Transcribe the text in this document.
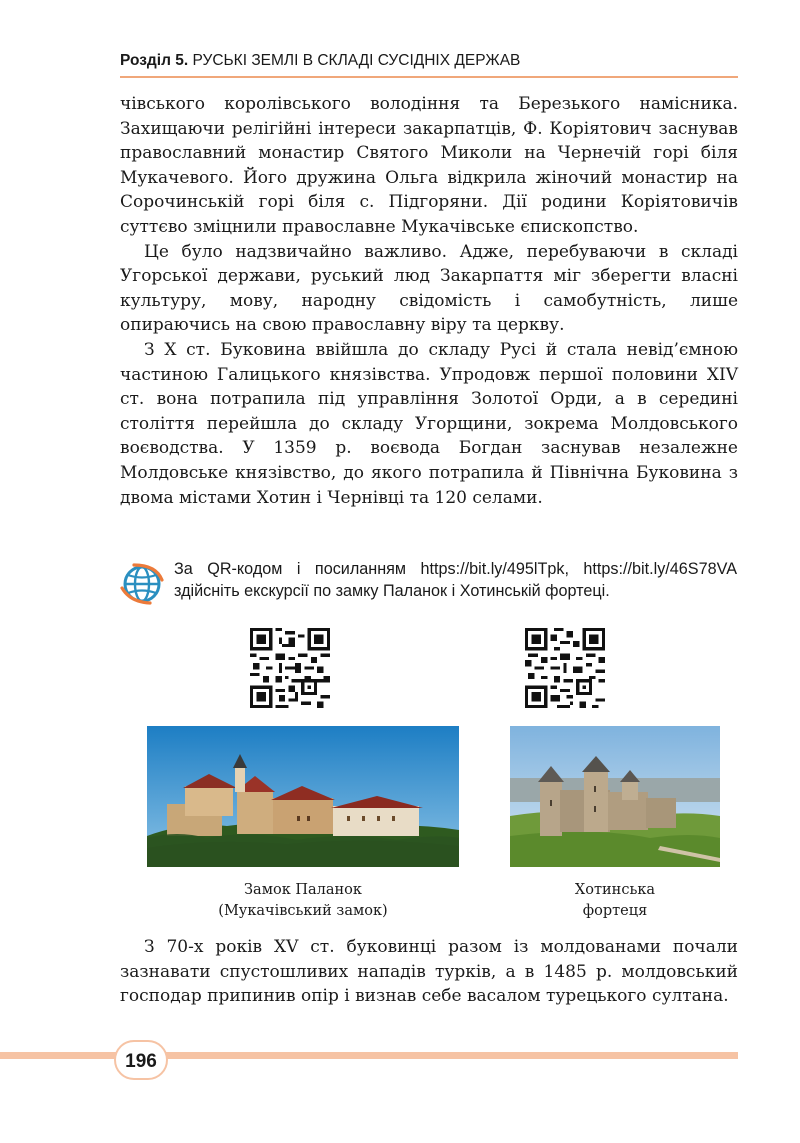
Розділ 5. РУСЬКІ ЗЕМЛІ В СКЛАДІ СУСІДНІХ ДЕРЖАВ

чівського королівського володіння та Березького намісника. Захищаючи релігійні інтереси закарпатців, Ф. Коріятович заснував православний монастир Святого Миколи на Чернечій горі біля Мукачевого. Його дружина Ольга відкрила жіночий монастир на Сорочинській горі біля с. Підгоряни. Дії родини Коріятовичів суттєво зміцнили православне Мукачівське єпископство.

Це було надзвичайно важливо. Адже, перебуваючи в складі Угорської держави, руський люд Закарпаття міг зберегти власні культуру, мову, народну свідомість і самобутність, лише опираючись на свою православну віру та церкву.

З Х ст. Буковина ввійшла до складу Русі й стала невід’ємною частиною Галицького князівства. Упродовж першої половини XIV ст. вона потрапила під управління Золотої Орди, а в середині століття перейшла до складу Угорщини, зокрема Молдовського воєводства. У 1359 р. воєвода Богдан заснував незалежне Молдовське князівство, до якого потрапила й Північна Буковина з двома містами Хотин і Чернівці та 120 селами.

За QR-кодом і посиланням https://bit.ly/495lTpk, https://bit.ly/46S78VA здійсніть екскурсії по замку Паланок і Хотинській фортеці.
Замок Паланок (Мукачівський замок)
Хотинська фортеця

З 70-х років XV ст. буковинці разом із молдованами почали зазнавати спустошливих нападів турків, а в 1485 р. молдовський господар припинив опір і визнав себе васалом турецького султана.

196
